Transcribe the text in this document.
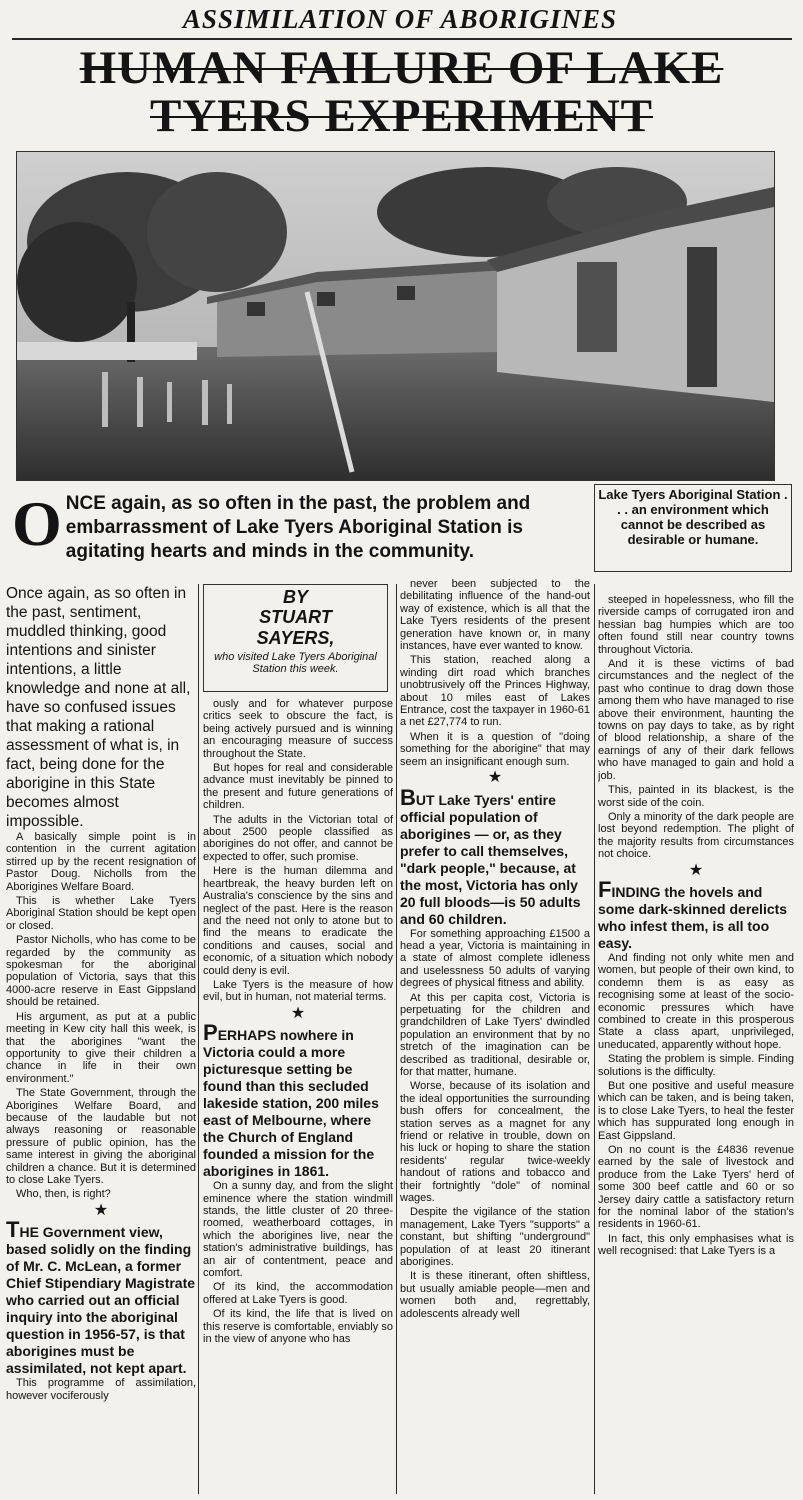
ASSIMILATION OF ABORIGINES
HUMAN FAILURE OF LAKE
TYERS EXPERIMENT
Lake Tyers Aboriginal Station . . . an environment which cannot be described as desirable or humane.
O NCE again, as so often in the past, the problem and embarrassment of Lake Tyers Aboriginal Station is agitating hearts and minds in the community.
Once again, as so often in the past, sentiment, muddled thinking, good intentions and sinister intentions, a little knowledge and none at all, have so confused issues that making a rational assessment of what is, in fact, being done for the aborigine in this State becomes almost impossible.

A basically simple point is in contention in the current agitation stirred up by the recent resignation of Pastor Doug. Nicholls from the Aborigines Welfare Board.

This is whether Lake Tyers Aboriginal Station should be kept open or closed.

Pastor Nicholls, who has come to be regarded by the community as spokesman for the aboriginal population of Victoria, says that this 4000-acre reserve in East Gippsland should be retained.

His argument, as put at a public meeting in Kew city hall this week, is that the aborigines "want the opportunity to give their children a chance in life in their own environment."

The State Government, through the Aborigines Welfare Board, and because of the laudable but not always reasoning or reasonable pressure of public opinion, has the same interest in giving the aboriginal children a chance. But it is determined to close Lake Tyers.

Who, then, is right?

★
THE Government view, based solidly on the finding of Mr. C. McLean, a former Chief Stipendiary Magistrate who carried out an official inquiry into the aboriginal question in 1956-57, is that aborigines must be assimilated, not kept apart.

This programme of assimilation, however vociferously

BY
STUART
SAYERS,
who visited Lake Tyers Aboriginal Station this week.

ously and for whatever purpose critics seek to obscure the fact, is being actively pursued and is winning an encouraging measure of success throughout the State.

But hopes for real and considerable advance must inevitably be pinned to the present and future generations of children.

The adults in the Victorian total of about 2500 people classified as aborigines do not offer, and cannot be expected to offer, such promise.

Here is the human dilemma and heartbreak, the heavy burden left on Australia's conscience by the sins and neglect of the past. Here is the reason and the need not only to atone but to find the means to eradicate the conditions and causes, social and economic, of a situation which nobody could deny is evil.

Lake Tyers is the measure of how evil, but in human, not material terms.

★
PERHAPS nowhere in Victoria could a more picturesque setting be found than this secluded lakeside station, 200 miles east of Melbourne, where the Church of England founded a mission for the aborigines in 1861.

On a sunny day, and from the slight eminence where the station windmill stands, the little cluster of 20 three-roomed, weatherboard cottages, in which the aborigines live, near the station's administrative buildings, has an air of contentment, peace and comfort.

Of its kind, the accommodation offered at Lake Tyers is good.

Of its kind, the life that is lived on this reserve is comfortable, enviably so in the view of anyone who has

never been subjected to the debilitating influence of the hand-out way of existence, which is all that the Lake Tyers residents of the present generation have known or, in many instances, have ever wanted to know.

This station, reached along a winding dirt road which branches unobtrusively off the Princes Highway, about 10 miles east of Lakes Entrance, cost the taxpayer in 1960-61 a net £27,774 to run.

When it is a question of "doing something for the aborigine" that may seem an insignificant enough sum.

★
BUT Lake Tyers' entire official population of aborigines — or, as they prefer to call themselves, "dark people," because, at the most, Victoria has only 20 full bloods—is 50 adults and 60 children.

For something approaching £1500 a head a year, Victoria is maintaining in a state of almost complete idleness and uselessness 50 adults of varying degrees of physical fitness and ability.

At this per capita cost, Victoria is perpetuating for the children and grandchildren of Lake Tyers' dwindled population an environment that by no stretch of the imagination can be described as traditional, desirable or, for that matter, humane.

Worse, because of its isolation and the ideal opportunities the surrounding bush offers for concealment, the station serves as a magnet for any friend or relative in trouble, down on his luck or hoping to share the station residents' regular twice-weekly handout of rations and tobacco and their fortnightly "dole" of nominal wages.

Despite the vigilance of the station management, Lake Tyers "supports" a constant, but shifting "underground" population of at least 20 itinerant aborigines.

It is these itinerant, often shiftless, but usually amiable people—men and women both and, regrettably, adolescents already well

steeped in hopelessness, who fill the riverside camps of corrugated iron and hessian bag humpies which are too often found still near country towns throughout Victoria.

And it is these victims of bad circumstances and the neglect of the past who continue to drag down those among them who have managed to rise above their environment, haunting the towns on pay days to take, as by right of blood relationship, a share of the earnings of any of their dark fellows who have managed to gain and hold a job.

This, painted in its blackest, is the worst side of the coin.

Only a minority of the dark people are lost beyond redemption. The plight of the majority results from circumstances not choice.

★
FINDING the hovels and some dark-skinned derelicts who infest them, is all too easy.

And finding not only white men and women, but people of their own kind, to condemn them is as easy as recognising some at least of the socio-economic pressures which have combined to create in this prosperous State a class apart, unprivileged, uneducated, apparently without hope.

Stating the problem is simple. Finding solutions is the difficulty.

But one positive and useful measure which can be taken, and is being taken, is to close Lake Tyers, to heal the fester which has suppurated long enough in East Gippsland.

On no count is the £4836 revenue earned by the sale of livestock and produce from the Lake Tyers' herd of some 300 beef cattle and 60 or so Jersey dairy cattle a satisfactory return for the nominal labor of the station's residents in 1960-61.

In fact, this only emphasises what is well recognised: that Lake Tyers is a
